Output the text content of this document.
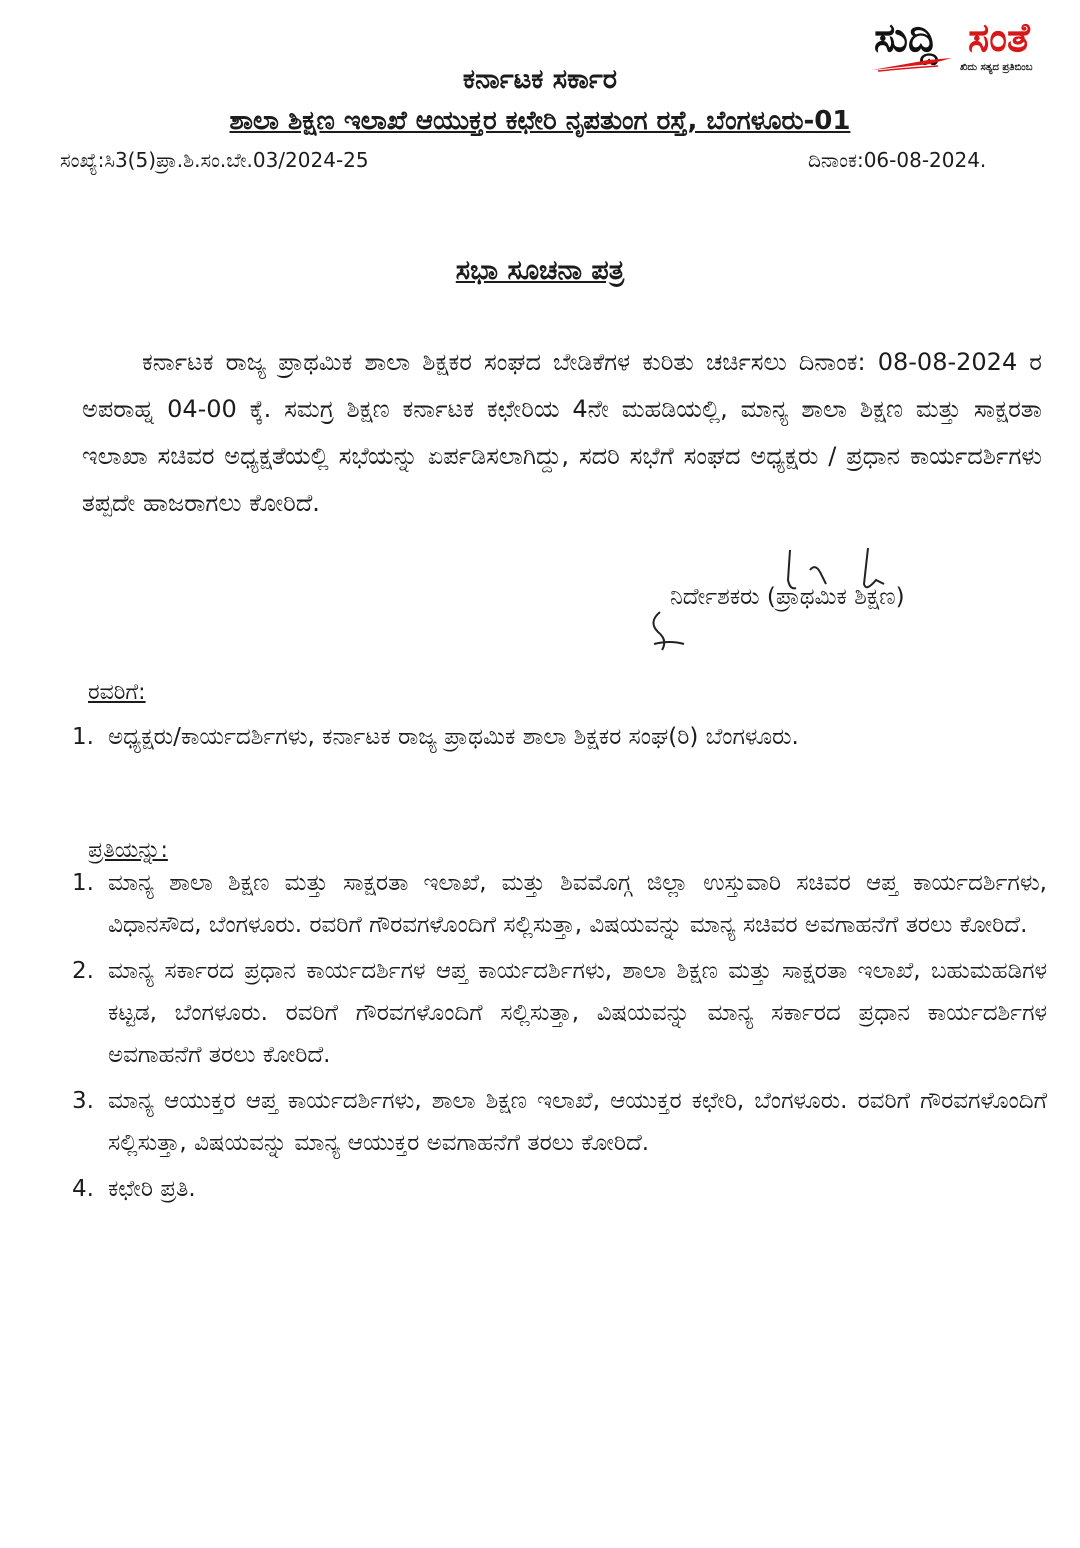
ಸುದ್ದಿ ಸಂತೆ
ಖಿದು ಸತ್ಯದ ಪ್ರತಿಬಿಂಬ
ಕರ್ನಾಟಕ ಸರ್ಕಾರ
ಶಾಲಾ ಶಿಕ್ಷಣ ಇಲಾಖೆ ಆಯುಕ್ತರ ಕಛೇರಿ ನೃಪತುಂಗ ರಸ್ತೆ, ಬೆಂಗಳೂರು-01
ಸಂಖ್ಯೆ:ಸಿ3(5)ಪ್ರಾ.ಶಿ.ಸಂ.ಬೇ.03/2024-25	ದಿನಾಂಕ:06-08-2024.
ಸಭಾ ಸೂಚನಾ ಪತ್ರ

ಕರ್ನಾಟಕ ರಾಜ್ಯ ಪ್ರಾಥಮಿಕ ಶಾಲಾ ಶಿಕ್ಷಕರ ಸಂಘದ ಬೇಡಿಕೆಗಳ ಕುರಿತು ಚರ್ಚಿಸಲು ದಿನಾಂಕ: 08-08-2024 ರ ಅಪರಾಹ್ನ 04-00 ಕ್ಕೆ. ಸಮಗ್ರ ಶಿಕ್ಷಣ ಕರ್ನಾಟಕ ಕಛೇರಿಯ 4ನೇ ಮಹಡಿಯಲ್ಲಿ, ಮಾನ್ಯ ಶಾಲಾ ಶಿಕ್ಷಣ ಮತ್ತು ಸಾಕ್ಷರತಾ ಇಲಾಖಾ ಸಚಿವರ ಅಧ್ಯಕ್ಷತೆಯಲ್ಲಿ ಸಭೆಯನ್ನು ಏರ್ಪಡಿಸಲಾಗಿದ್ದು, ಸದರಿ ಸಭೆಗೆ ಸಂಘದ ಅಧ್ಯಕ್ಷರು / ಪ್ರಧಾನ ಕಾರ್ಯದರ್ಶಿಗಳು ತಪ್ಪದೇ ಹಾಜರಾಗಲು ಕೋರಿದೆ.

ನಿರ್ದೇಶಕರು (ಪ್ರಾಥಮಿಕ ಶಿಕ್ಷಣ)
ರವರಿಗೆ:
1. ಅಧ್ಯಕ್ಷರು/ಕಾರ್ಯದರ್ಶಿಗಳು, ಕರ್ನಾಟಕ ರಾಜ್ಯ ಪ್ರಾಥಮಿಕ ಶಾಲಾ ಶಿಕ್ಷಕರ ಸಂಘ(ರಿ) ಬೆಂಗಳೂರು.
ಪ್ರತಿಯನ್ನು:
1. ಮಾನ್ಯ ಶಾಲಾ ಶಿಕ್ಷಣ ಮತ್ತು ಸಾಕ್ಷರತಾ ಇಲಾಖೆ, ಮತ್ತು ಶಿವಮೊಗ್ಗ ಜಿಲ್ಲಾ ಉಸ್ತುವಾರಿ ಸಚಿವರ ಆಪ್ತ ಕಾರ್ಯದರ್ಶಿಗಳು, ವಿಧಾನಸೌದ, ಬೆಂಗಳೂರು. ರವರಿಗೆ ಗೌರವಗಳೊಂದಿಗೆ ಸಲ್ಲಿಸುತ್ತಾ, ವಿಷಯವನ್ನು ಮಾನ್ಯ ಸಚಿವರ ಅವಗಾಹನೆಗೆ ತರಲು ಕೋರಿದೆ.
2. ಮಾನ್ಯ ಸರ್ಕಾರದ ಪ್ರಧಾನ ಕಾರ್ಯದರ್ಶಿಗಳ ಆಪ್ತ ಕಾರ್ಯದರ್ಶಿಗಳು, ಶಾಲಾ ಶಿಕ್ಷಣ ಮತ್ತು ಸಾಕ್ಷರತಾ ಇಲಾಖೆ, ಬಹುಮಹಡಿಗಳ ಕಟ್ಟಡ, ಬೆಂಗಳೂರು. ರವರಿಗೆ ಗೌರವಗಳೊಂದಿಗೆ ಸಲ್ಲಿಸುತ್ತಾ, ವಿಷಯವನ್ನು ಮಾನ್ಯ ಸರ್ಕಾರದ ಪ್ರಧಾನ ಕಾರ್ಯದರ್ಶಿಗಳ ಅವಗಾಹನೆಗೆ ತರಲು ಕೋರಿದೆ.
3. ಮಾನ್ಯ ಆಯುಕ್ತರ ಆಪ್ತ ಕಾರ್ಯದರ್ಶಿಗಳು, ಶಾಲಾ ಶಿಕ್ಷಣ ಇಲಾಖೆ, ಆಯುಕ್ತರ ಕಛೇರಿ, ಬೆಂಗಳೂರು. ರವರಿಗೆ ಗೌರವಗಳೊಂದಿಗೆ ಸಲ್ಲಿಸುತ್ತಾ, ವಿಷಯವನ್ನು ಮಾನ್ಯ ಆಯುಕ್ತರ ಅವಗಾಹನೆಗೆ ತರಲು ಕೋರಿದೆ.
4. ಕಛೇರಿ ಪ್ರತಿ.
